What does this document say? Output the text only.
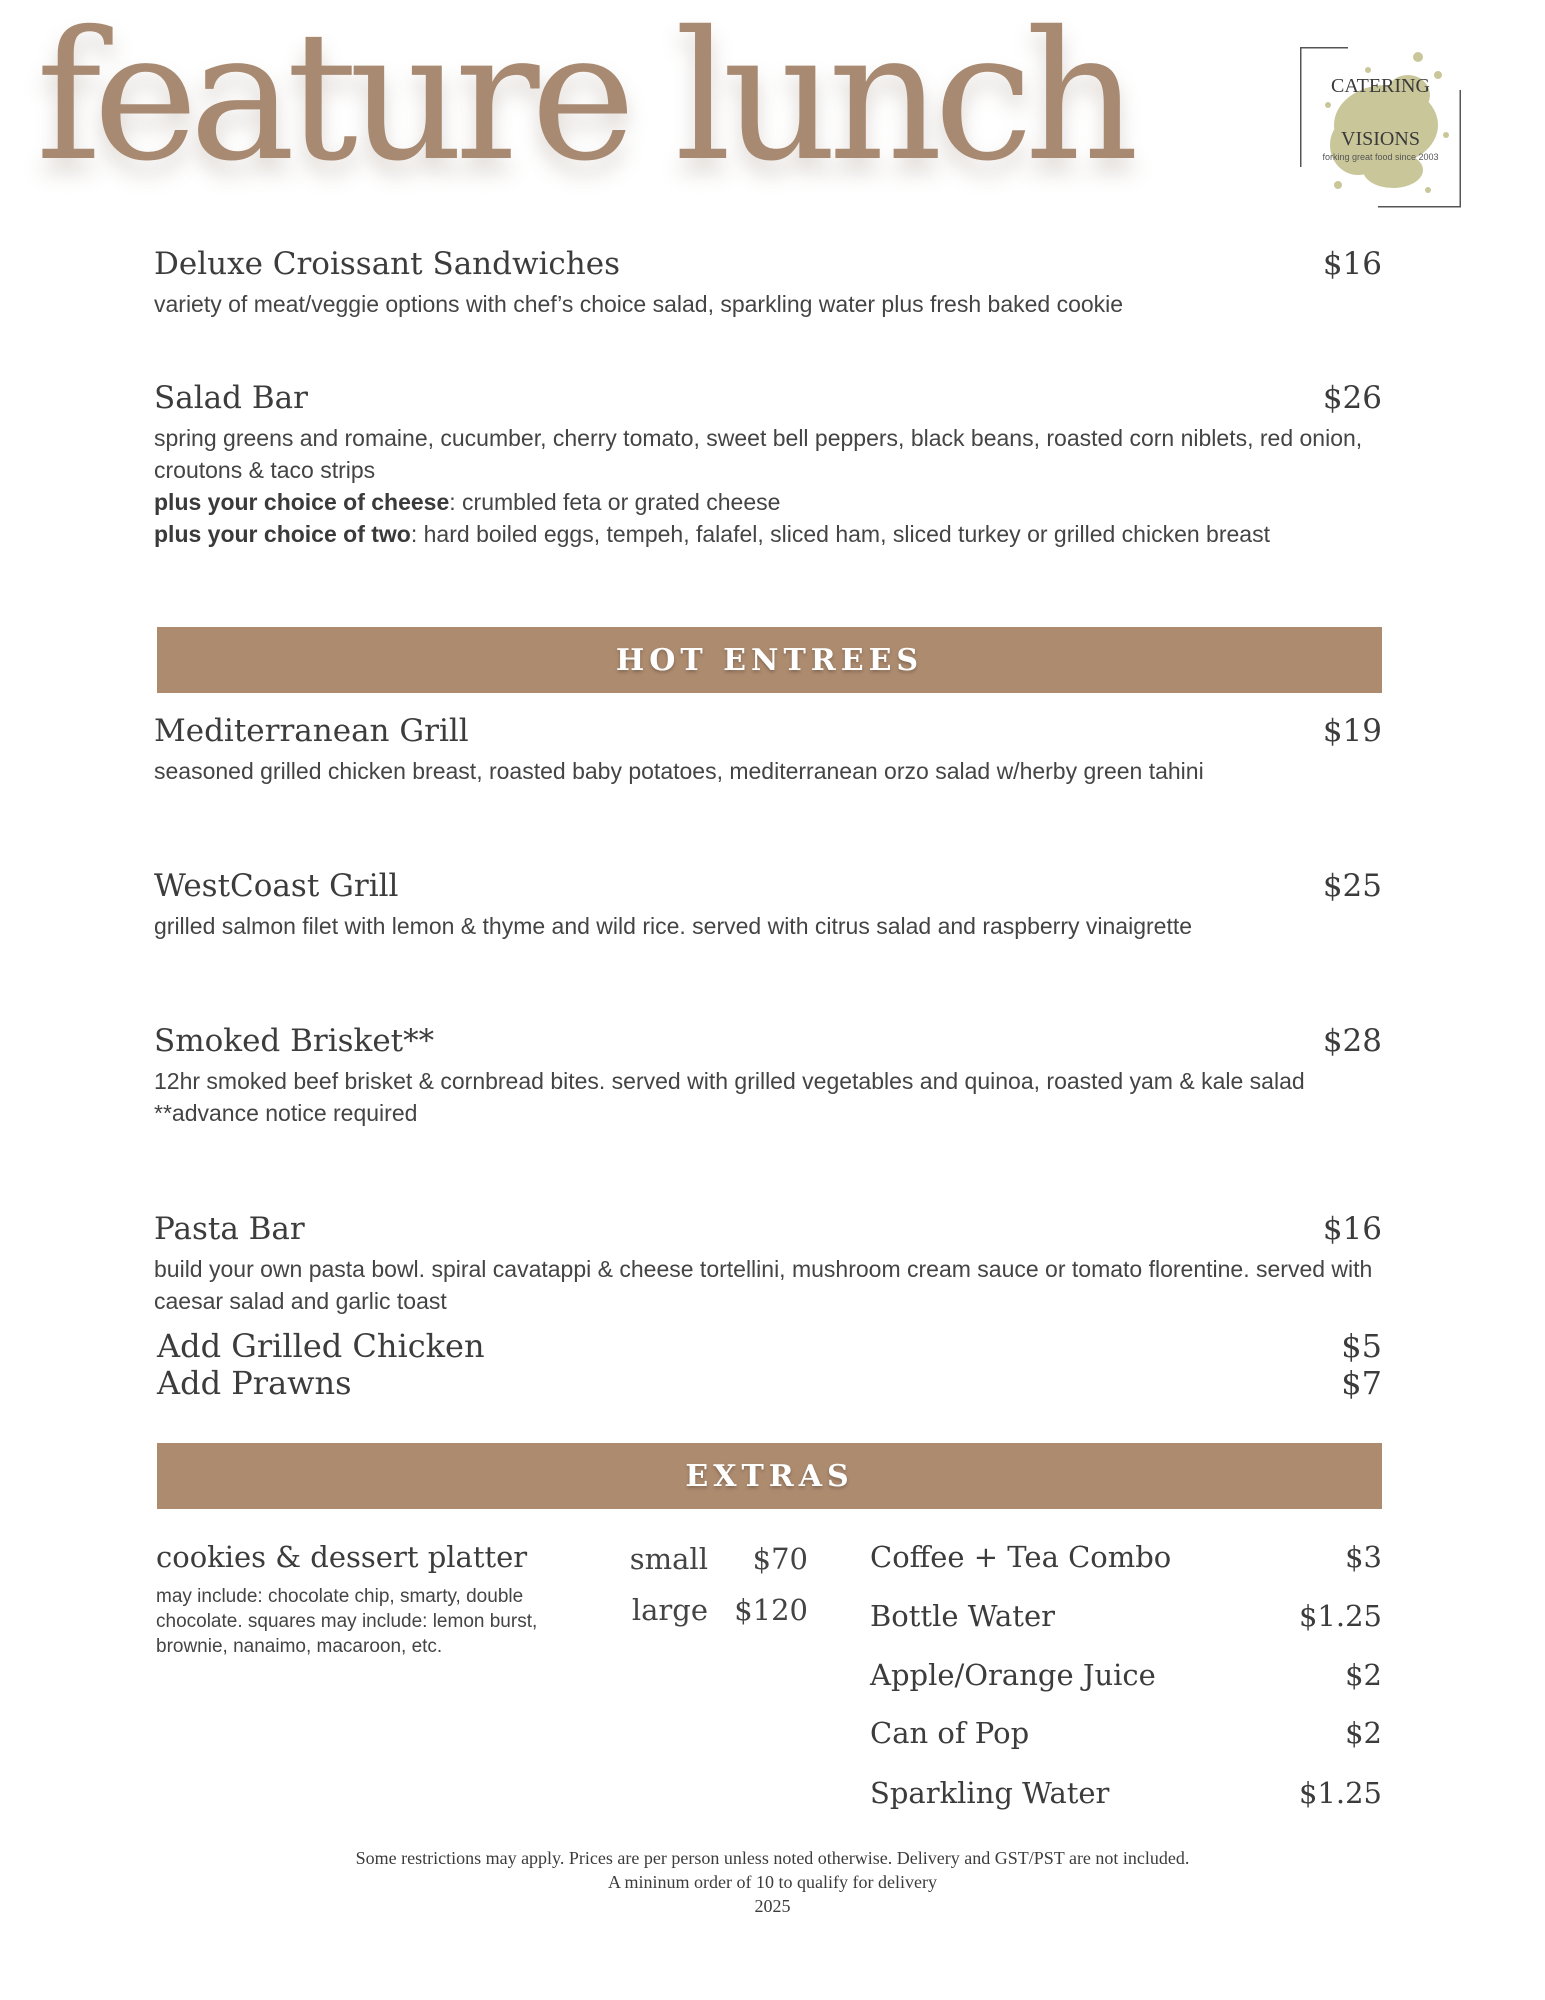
feature lunch	CATERING
VISIONS
forking great food since 2003
Deluxe Croissant Sandwiches	$16

variety of meat/veggie options with chef’s choice salad, sparkling water plus fresh baked cookie

Salad Bar	$26

spring greens and romaine, cucumber, cherry tomato, sweet bell peppers, black beans, roasted corn niblets, red onion, croutons & taco strips

plus your choice of cheese: crumbled feta or grated cheese

plus your choice of two: hard boiled eggs, tempeh, falafel, sliced ham, sliced turkey or grilled chicken breast

HOT ENTREES
Mediterranean Grill	$19

seasoned grilled chicken breast, roasted baby potatoes, mediterranean orzo salad w/herby green tahini

WestCoast Grill	$25

grilled salmon filet with lemon & thyme and wild rice. served with citrus salad and raspberry vinaigrette

Smoked Brisket**	$28

12hr smoked beef brisket & cornbread bites. served with grilled vegetables and quinoa, roasted yam & kale salad

**advance notice required

Pasta Bar	$16

build your own pasta bowl. spiral cavatappi & cheese tortellini, mushroom cream sauce or tomato florentine. served with caesar salad and garlic toast

Add Grilled Chicken	$5
Add Prawns	$7
EXTRAS
cookies & dessert platter

may include: chocolate chip, smarty, double chocolate. squares may include: lemon burst, brownie, nanaimo, macaroon, etc.

small $70
large $120
Coffee + Tea Combo	$3
Bottle Water	$1.25
Apple/Orange Juice	$2
Can of Pop	$2
Sparkling Water	$1.25
Some restrictions may apply. Prices are per person unless noted otherwise. Delivery and GST/PST are not included.
A mininum order of 10 to qualify for delivery
2025
